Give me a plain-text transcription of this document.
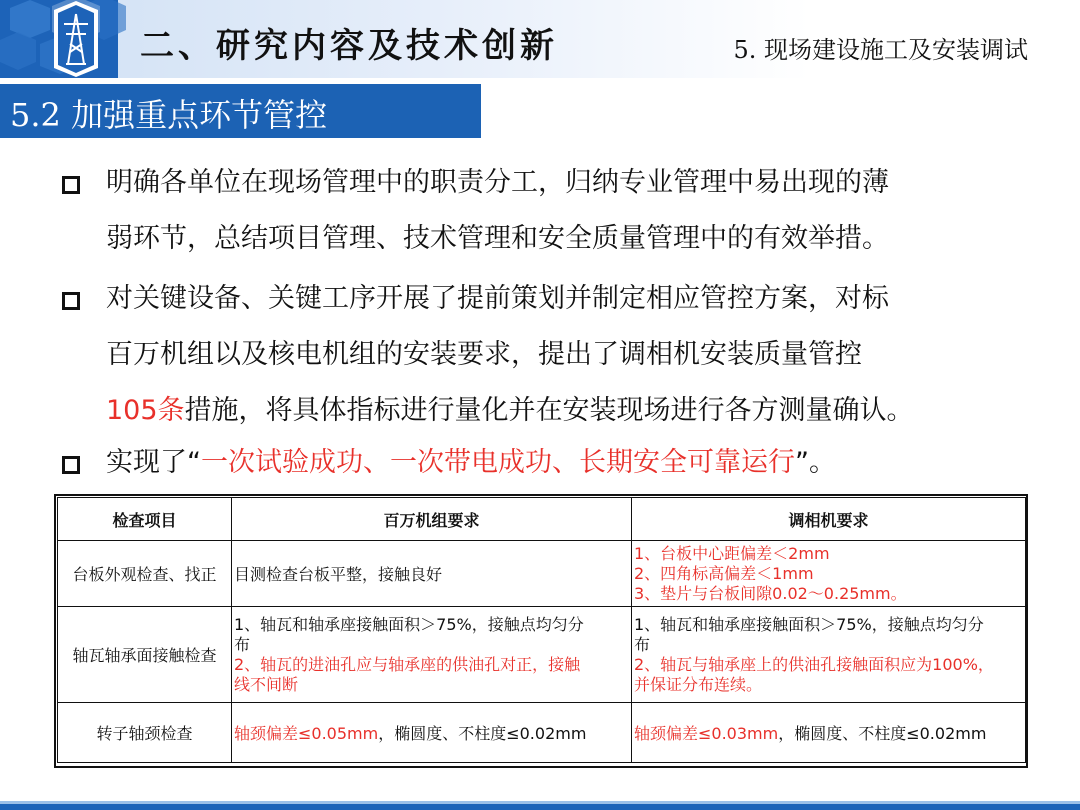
二、研究内容及技术创新	5. 现场建设施工及安装调试
5.2 加强重点环节管控
明确各单位在现场管理中的职责分工，归纳专业管理中易出现的薄
弱环节，总结项目管理、技术管理和安全质量管理中的有效举措。
对关键设备、关键工序开展了提前策划并制定相应管控方案，对标
百万机组以及核电机组的安装要求，提出了调相机安装质量管控
105条措施，将具体指标进行量化并在安装现场进行各方测量确认。
实现了“一次试验成功、一次带电成功、长期安全可靠运行”。
检查项目	百万机组要求	调相机要求
台板外观检查、找正	目测检查台板平整，接触良好	1、台板中心距偏差＜2mm
2、四角标高偏差＜1mm
3、垫片与台板间隙0.02～0.25mm。

轴瓦轴承面接触检查	1、轴瓦和轴承座接触面积＞75%，接触点均匀分
布
2、轴瓦的进油孔应与轴承座的供油孔对正，接触
线不间断	1、轴瓦和轴承座接触面积＞75%，接触点均匀分
布
2、轴瓦与轴承座上的供油孔接触面积应为100%，
并保证分布连续。

转子轴颈检查	轴颈偏差≤0.05mm，椭圆度、不柱度≤0.02mm	轴颈偏差≤0.03mm，椭圆度、不柱度≤0.02mm
